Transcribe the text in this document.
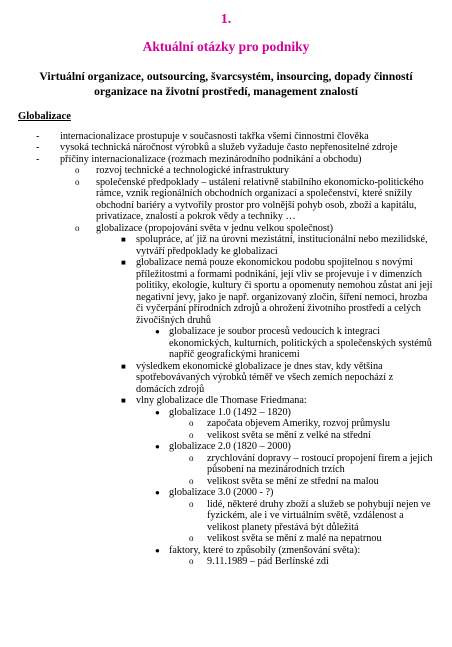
1.
Aktuální otázky pro podniky
Virtuální organizace, outsourcing, švarcsystém, insourcing, dopady činností organizace na životní prostředí, management znalostí
Globalizace
- internacionalizace prostupuje v současnosti takřka všemi činnostmi člověka
- vysoká technická náročnost výrobků a služeb vyžaduje často nepřenositelné zdroje
- příčiny internacionalizace (rozmach mezinárodního podnikání a obchodu)
o rozvoj technické a technologické infrastruktury
o společenské předpoklady – ustálení relativně stabilního ekonomicko-politického rámce, vznik regionálních obchodních organizací a společenství, které snížily obchodní bariéry a vytvořily prostor pro volnější pohyb osob, zboží a kapitálu, privatizace, znalostí a pokrok vědy a techniky …
o globalizace (propojování světa v jednu velkou společnost)
■ spolupráce, ať již na úrovni mezistátní, institucionální nebo mezilidské, vytváří předpoklady ke globalizaci
■ globalizace nemá pouze ekonomickou podobu spojitelnou s novými příležitostmi a formami podnikání, její vliv se projevuje i v dimenzích politiky, ekologie, kultury či sportu a opomenuty nemohou zůstat ani její negativní jevy, jako je např. organizovaný zločin, šíření nemoci, hrozba či vyčerpání přírodních zdrojů a ohrožení životního prostředí a celých živočišných druhů
● globalizace je soubor procesů vedoucích k integraci ekonomických, kulturních, politických a společenských systémů napříč geografickými hranicemi
■ výsledkem ekonomické globalizace je dnes stav, kdy většina spotřebovávaných výrobků téměř ve všech zemích nepochází z domácích zdrojů
■ vlny globalizace dle Thomase Friedmana:
● globalizace 1.0 (1492 – 1820)
o započata objevem Ameriky, rozvoj průmyslu
o velikost světa se mění z velké na střední
● globalizace 2.0 (1820 – 2000)
o zrychlování dopravy – rostoucí propojení firem a jejich působení na mezinárodních trzích
o velikost světa se mění ze střední na malou
● globalizace 3.0 (2000 - ?)
o lidé, některé druhy zboží a služeb se pohybují nejen ve fyzickém, ale i ve virtuálním světě, vzdálenost a velikost planety přestává být důležitá
o velikost světa se mění z malé na nepatrnou
● faktory, které to způsobily (zmenšování světa):
o 9.11.1989 – pád Berlínské zdi
